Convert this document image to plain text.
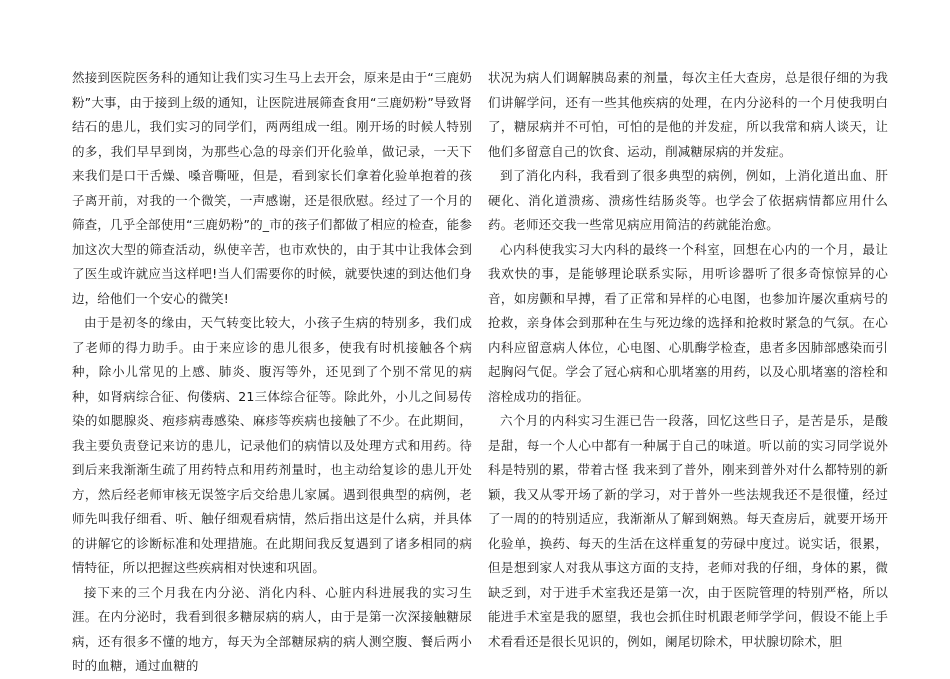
然接到医院医务科的通知让我们实习生马上去开会，原来是由于“三鹿奶粉”大事，由于接到上级的通知，让医院进展筛查食用“三鹿奶粉”导致肾结石的患儿，我们实习的同学们，两两组成一组。刚开场的时候人特别的多，我们早早到岗，为那些心急的母亲们开化验单，做记录，一天下来我们是口干舌燥、嗓音嘶哑，但是，看到家长们拿着化验单抱着的孩子离开前，对我的一个微笑，一声感谢，还是很欣慰。经过了一个月的筛查，几乎全部使用“三鹿奶粉”的_市的孩子们都做了相应的检查，能参加这次大型的筛查活动，纵使辛苦，也市欢快的，由于其中让我体会到了医生或许就应当这样吧!当人们需要你的时候，就要快速的到达他们身边，给他们一个安心的微笑!

由于是初冬的缘由，天气转变比较大，小孩子生病的特别多，我们成了老师的得力助手。由于来应诊的患儿很多，使我有时机接触各个病种，除小儿常见的上感、肺炎、腹泻等外，还见到了个别不常见的病种，如肾病综合征、佝偻病、21三体综合征等。除此外，小儿之间易传染的如腮腺炎、疱疹病毒感染、麻疹等疾病也接触了不少。在此期间，我主要负责登记来访的患儿，记录他们的病情以及处理方式和用药。待到后来我渐渐生疏了用药特点和用药剂量时，也主动给复诊的患儿开处方，然后经老师审核无误签字后交给患儿家属。遇到很典型的病例，老师先叫我仔细看、听、触仔细观看病情，然后指出这是什么病，并具体的讲解它的诊断标准和处理措施。在此期间我反复遇到了诸多相同的病情特征，所以把握这些疾病相对快速和巩固。

接下来的三个月我在内分泌、消化内科、心脏内科进展我的实习生涯。在内分泌时，我看到很多糖尿病的病人，由于是第一次深接触糖尿病，还有很多不懂的地方，每天为全部糖尿病的病人测空腹、餐后两小时的血糖，通过血糖的

状况为病人们调解胰岛素的剂量，每次主任大查房，总是很仔细的为我们讲解学问，还有一些其他疾病的处理，在内分泌科的一个月使我明白了，糖尿病并不可怕，可怕的是他的并发症，所以我常和病人谈天，让他们多留意自己的饮食、运动，削减糖尿病的并发症。

到了消化内科，我看到了很多典型的病例，例如，上消化道出血、肝硬化、消化道溃疡、溃疡性结肠炎等。也学会了依据病情都应用什么药。老师还交我一些常见病应用简洁的药就能治愈。

心内科使我实习大内科的最终一个科室，回想在心内的一个月，最让我欢快的事，是能够理论联系实际，用听诊器听了很多奇惊惊异的心音，如房颤和早搏，看了正常和异样的心电图，也参加许屡次重病号的抢救，亲身体会到那种在生与死边缘的选择和抢救时紧急的气氛。在心内科应留意病人体位，心电图、心肌酶学检查，患者多因肺部感染而引起胸闷气促。学会了冠心病和心肌堵塞的用药，以及心肌堵塞的溶栓和溶栓成功的指征。

六个月的内科实习生涯已告一段落，回忆这些日子，是苦是乐，是酸是甜，每一个人心中都有一种属于自己的味道。听以前的实习同学说外科是特别的累，带着古怪 我来到了普外，刚来到普外对什么都特别的新颖，我又从零开场了新的学习，对于普外一些法规我还不是很懂，经过了一周的的特别适应，我渐渐从了解到娴熟。每天查房后，就要开场开化验单，换药、每天的生活在这样重复的劳碌中度过。说实话，很累，但是想到家人对我从事这方面的支持，老师对我的仔细，身体的累，微缺乏到，对于进手术室我还是第一次，由于医院管理的特别严格，所以能进手术室是我的愿望，我也会抓住时机跟老师学学问，假设不能上手术看看还是很长见识的，例如，阑尾切除术，甲状腺切除术，胆
